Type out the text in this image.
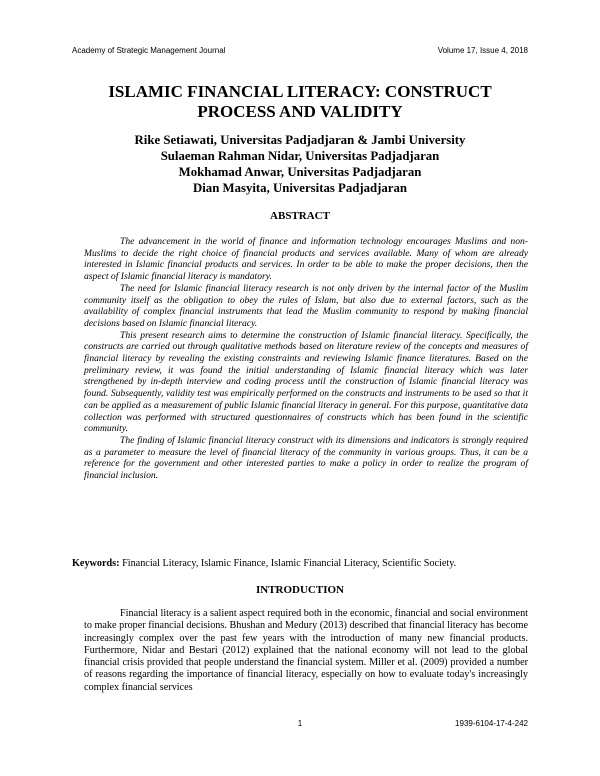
Academy of Strategic Management Journal	Volume 17, Issue 4, 2018
ISLAMIC FINANCIAL LITERACY: CONSTRUCT
PROCESS AND VALIDITY
Rike Setiawati, Universitas Padjadjaran & Jambi University
Sulaeman Rahman Nidar, Universitas Padjadjaran
Mokhamad Anwar, Universitas Padjadjaran
Dian Masyita, Universitas Padjadjaran
ABSTRACT

The advancement in the world of finance and information technology encourages Muslims and non-Muslims to decide the right choice of financial products and services available. Many of whom are already interested in Islamic financial products and services. In order to be able to make the proper decisions, then the aspect of Islamic financial literacy is mandatory.

The need for Islamic financial literacy research is not only driven by the internal factor of the Muslim community itself as the obligation to obey the rules of Islam, but also due to external factors, such as the availability of complex financial instruments that lead the Muslim community to respond by making financial decisions based on Islamic financial literacy.

This present research aims to determine the construction of Islamic financial literacy. Specifically, the constructs are carried out through qualitative methods based on literature review of the concepts and measures of financial literacy by revealing the existing constraints and reviewing Islamic finance literatures. Based on the preliminary review, it was found the initial understanding of Islamic financial literacy which was later strengthened by in-depth interview and coding process until the construction of Islamic financial literacy was found. Subsequently, validity test was empirically performed on the constructs and instruments to be used so that it can be applied as a measurement of public Islamic financial literacy in general. For this purpose, quantitative data collection was performed with structured questionnaires of constructs which has been found in the scientific community.

The finding of Islamic financial literacy construct with its dimensions and indicators is strongly required as a parameter to measure the level of financial literacy of the community in various groups. Thus, it can be a reference for the government and other interested parties to make a policy in order to realize the program of financial inclusion.

Keywords: Financial Literacy, Islamic Finance, Islamic Financial Literacy, Scientific Society.
INTRODUCTION

Financial literacy is a salient aspect required both in the economic, financial and social environment to make proper financial decisions. Bhushan and Medury (2013) described that financial literacy has become increasingly complex over the past few years with the introduction of many new financial products. Furthermore, Nidar and Bestari (2012) explained that the national economy will not lead to the global financial crisis provided that people understand the financial system. Miller et al. (2009) provided a number of reasons regarding the importance of financial literacy, especially on how to evaluate today's increasingly complex financial services

1	1939-6104-17-4-242
